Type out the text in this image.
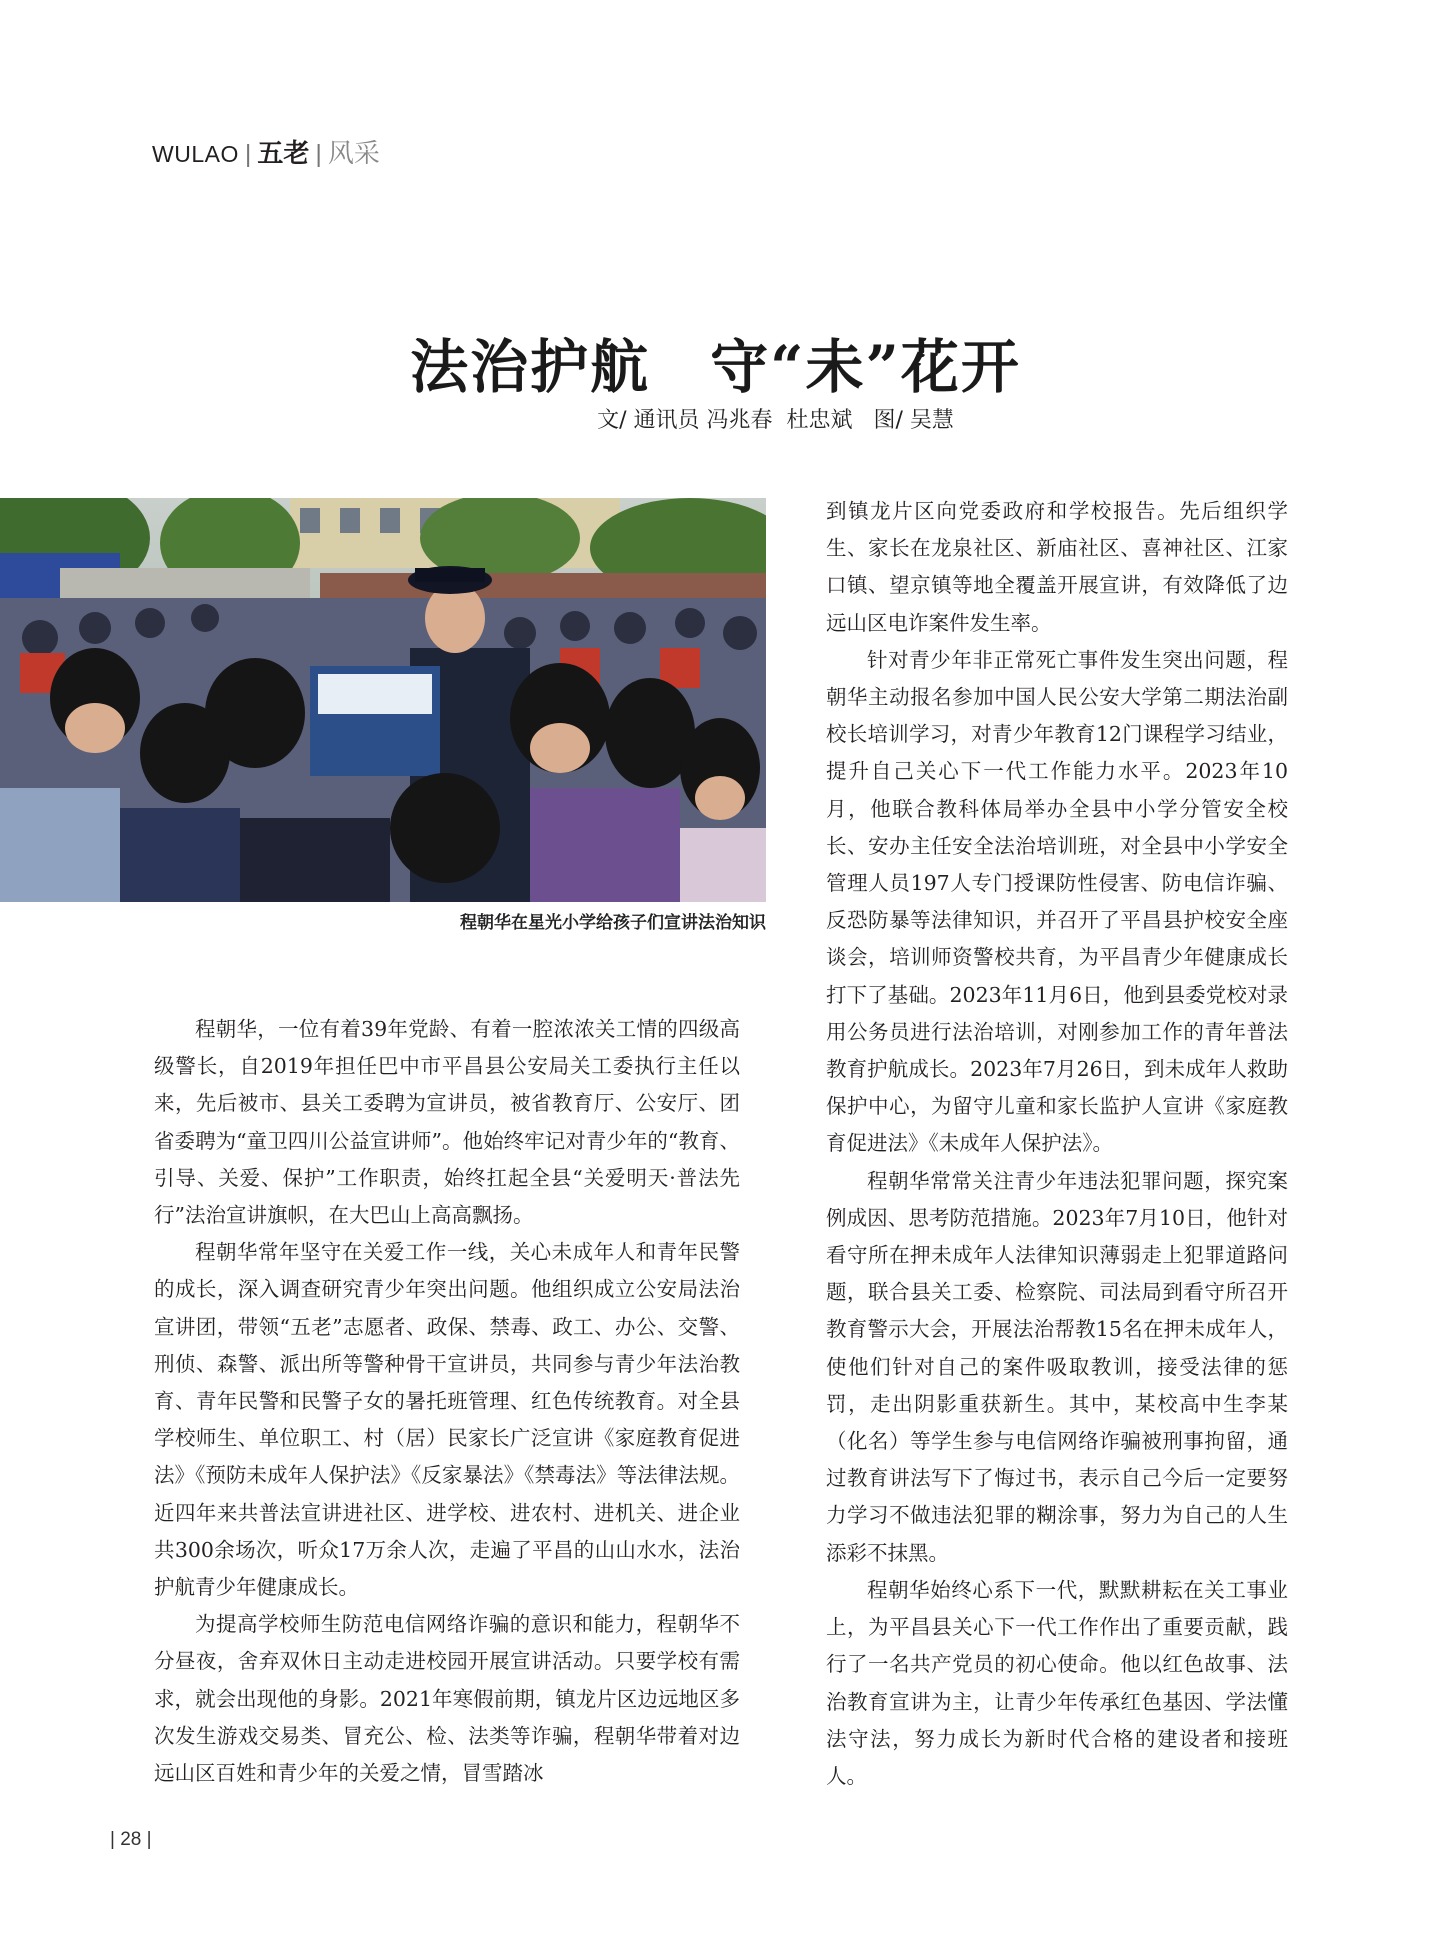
WULAO | 五老 | 风采
法治护航　守“未”花开
文/ 通讯员 冯兆春  杜忠斌   图/ 吴慧
程朝华在星光小学给孩子们宣讲法治知识

程朝华，一位有着39年党龄、有着一腔浓浓关工情的四级高级警长，自2019年担任巴中市平昌县公安局关工委执行主任以来，先后被市、县关工委聘为宣讲员，被省教育厅、公安厅、团省委聘为“童卫四川公益宣讲师”。他始终牢记对青少年的“教育、引导、关爱、保护”工作职责，始终扛起全县“关爱明天·普法先行”法治宣讲旗帜，在大巴山上高高飘扬。

程朝华常年坚守在关爱工作一线，关心未成年人和青年民警的成长，深入调查研究青少年突出问题。他组织成立公安局法治宣讲团，带领“五老”志愿者、政保、禁毒、政工、办公、交警、刑侦、森警、派出所等警种骨干宣讲员，共同参与青少年法治教育、青年民警和民警子女的暑托班管理、红色传统教育。对全县学校师生、单位职工、村（居）民家长广泛宣讲《家庭教育促进法》《预防未成年人保护法》《反家暴法》《禁毒法》等法律法规。近四年来共普法宣讲进社区、进学校、进农村、进机关、进企业共300余场次，听众17万余人次，走遍了平昌的山山水水，法治护航青少年健康成长。

为提高学校师生防范电信网络诈骗的意识和能力，程朝华不分昼夜，舍弃双休日主动走进校园开展宣讲活动。只要学校有需求，就会出现他的身影。2021年寒假前期，镇龙片区边远地区多次发生游戏交易类、冒充公、检、法类等诈骗，程朝华带着对边远山区百姓和青少年的关爱之情，冒雪踏冰

到镇龙片区向党委政府和学校报告。先后组织学生、家长在龙泉社区、新庙社区、喜神社区、江家口镇、望京镇等地全覆盖开展宣讲，有效降低了边远山区电诈案件发生率。

针对青少年非正常死亡事件发生突出问题，程朝华主动报名参加中国人民公安大学第二期法治副校长培训学习，对青少年教育12门课程学习结业，提升自己关心下一代工作能力水平。2023年10月，他联合教科体局举办全县中小学分管安全校长、安办主任安全法治培训班，对全县中小学安全管理人员197人专门授课防性侵害、防电信诈骗、反恐防暴等法律知识，并召开了平昌县护校安全座谈会，培训师资警校共育，为平昌青少年健康成长打下了基础。2023年11月6日，他到县委党校对录用公务员进行法治培训，对刚参加工作的青年普法教育护航成长。2023年7月26日，到未成年人救助保护中心，为留守儿童和家长监护人宣讲《家庭教育促进法》《未成年人保护法》。

程朝华常常关注青少年违法犯罪问题，探究案例成因、思考防范措施。2023年7月10日，他针对看守所在押未成年人法律知识薄弱走上犯罪道路问题，联合县关工委、检察院、司法局到看守所召开教育警示大会，开展法治帮教15名在押未成年人，使他们针对自己的案件吸取教训，接受法律的惩罚，走出阴影重获新生。其中，某校高中生李某（化名）等学生参与电信网络诈骗被刑事拘留，通过教育讲法写下了悔过书，表示自己今后一定要努力学习不做违法犯罪的糊涂事，努力为自己的人生添彩不抹黑。

程朝华始终心系下一代，默默耕耘在关工事业上，为平昌县关心下一代工作作出了重要贡献，践行了一名共产党员的初心使命。他以红色故事、法治教育宣讲为主，让青少年传承红色基因、学法懂法守法，努力成长为新时代合格的建设者和接班人。

| 28 |
